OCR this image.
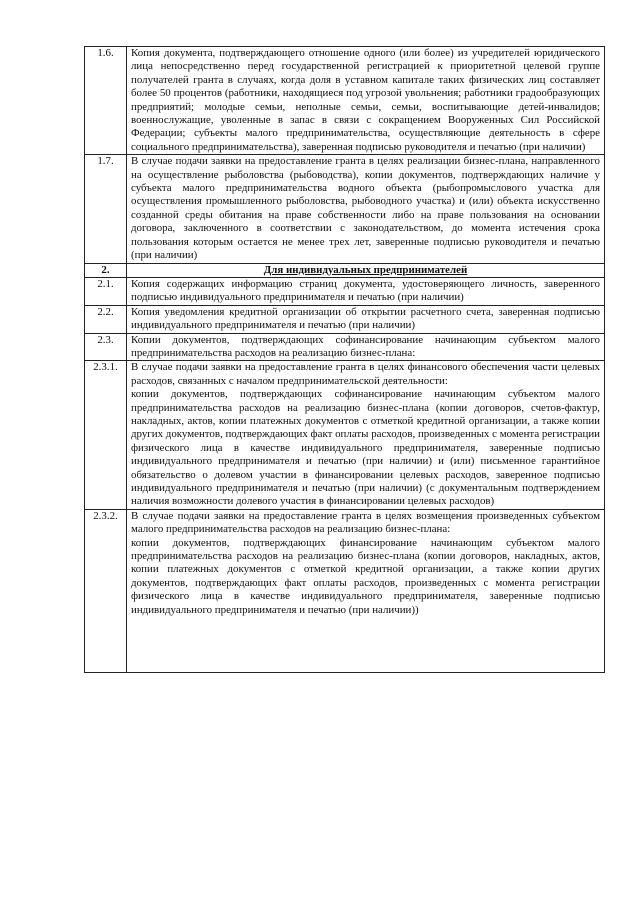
1.6.	Копия документа, подтверждающего отношение одного (или более) из учредителей юридического лица непосредственно перед государственной регистрацией к приоритетной целевой группе получателей гранта в случаях, когда доля в уставном капитале таких физических лиц составляет более 50 процентов (работники, находящиеся под угрозой увольнения; работники градообразующих предприятий; молодые семьи, неполные семьи, семьи, воспитывающие детей-инвалидов; военнослужащие, уволенные в запас в связи с сокращением Вооруженных Сил Российской Федерации; субъекты малого предпринимательства, осуществляющие деятельность в сфере социального предпринимательства), заверенная подписью руководителя и печатью (при наличии)

1.7.	В случае подачи заявки на предоставление гранта в целях реализации бизнес-плана, направленного на осуществление рыболовства (рыбоводства), копии документов, подтверждающих наличие у субъекта малого предпринимательства водного объекта (рыбопромыслового участка для осуществления промышленного рыболовства, рыбоводного участка) и (или) объекта искусственно созданной среды обитания на праве собственности либо на праве пользования на основании договора, заключенного в соответствии с законодательством, до момента истечения срока пользования которым остается не менее трех лет, заверенные подписью руководителя и печатью (при наличии)

2.	Для индивидуальных предпринимателей
2.1.	Копия содержащих информацию страниц документа, удостоверяющего личность, заверенного подписью индивидуального предпринимателя и печатью (при наличии)

2.2.	Копия уведомления кредитной организации об открытии расчетного счета, заверенная подписью индивидуального предпринимателя и печатью (при наличии)

2.3.	Копии документов, подтверждающих софинансирование начинающим субъектом малого предпринимательства расходов на реализацию бизнес-плана:

2.3.1.	В случае подачи заявки на предоставление гранта в целях финансового обеспечения части целевых расходов, связанных с началом предпринимательской деятельности:
копии документов, подтверждающих софинансирование начинающим субъектом малого предпринимательства расходов на реализацию бизнес-плана (копии договоров, счетов-фактур, накладных, актов, копии платежных документов с отметкой кредитной организации, а также копии других документов, подтверждающих факт оплаты расходов, произведенных с момента регистрации физического лица в качестве индивидуального предпринимателя, заверенные подписью индивидуального предпринимателя и печатью (при наличии) и (или) письменное гарантийное обязательство о долевом участии в финансировании целевых расходов, заверенное подписью индивидуального предпринимателя и печатью (при наличии) (с документальным подтверждением наличия возможности долевого участия в финансировании целевых расходов)

2.3.2.	В случае подачи заявки на предоставление гранта в целях возмещения произведенных субъектом малого предпринимательства расходов на реализацию бизнес-плана:
копии документов, подтверждающих финансирование начинающим субъектом малого предпринимательства расходов на реализацию бизнес-плана (копии договоров, накладных, актов, копии платежных документов с отметкой кредитной организации, а также копии других документов, подтверждающих факт оплаты расходов, произведенных с момента регистрации физического лица в качестве индивидуального предпринимателя, заверенные подписью индивидуального предпринимателя и печатью (при наличии))
